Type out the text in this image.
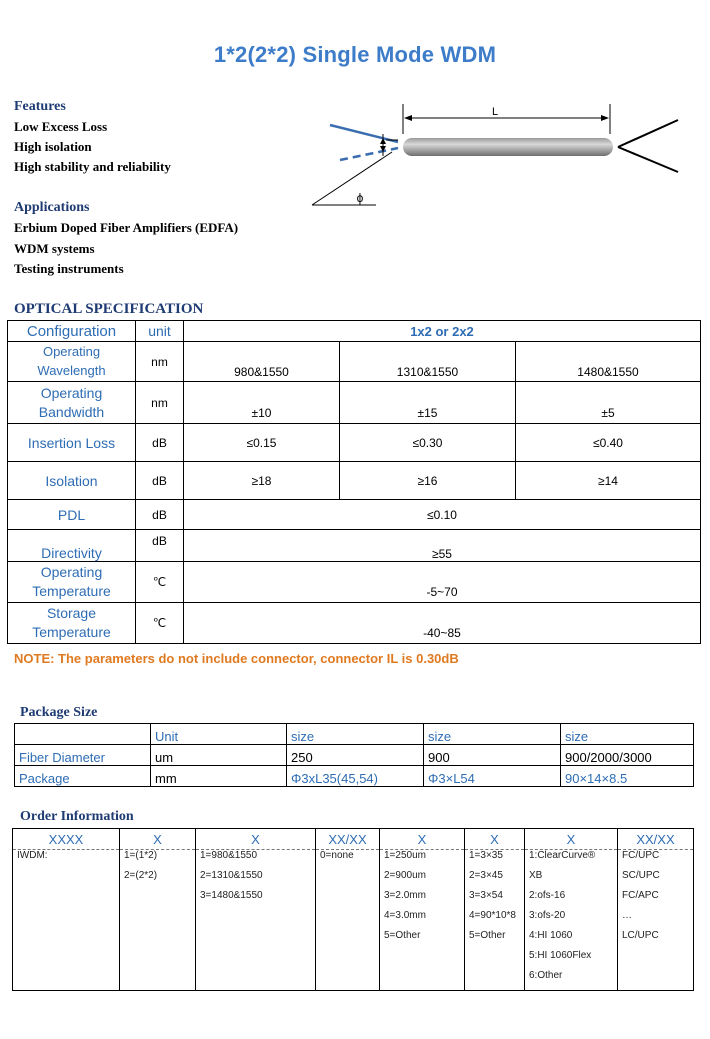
1*2(2*2) Single Mode WDM
Features
Low Excess Loss
High isolation
High stability and reliability
Applications
Erbium Doped Fiber Amplifiers (EDFA)
WDM systems
Testing instruments
L
ϕ
OPTICAL SPECIFICATION
Configuration	unit	1x2 or 2x2		
Operating
Wavelength	nm	980&1550	1310&1550	1480&1550
Operating
Bandwidth	nm	±10	±15	±5
Insertion Loss	dB	≤0.15	≤0.30	≤0.40
Isolation	dB	≥18	≥16	≥14
PDL	dB	≤0.10		
Directivity	dB	≥55		
Operating
Temperature	℃	-5~70		
Storage
Temperature	℃	-40~85		
NOTE: The parameters do not include connector, connector IL is 0.30dB
Package Size
	Unit	size	size	size
Fiber Diameter	um	250	900	900/2000/3000
Package	mm	Φ3xL35(45,54)	Φ3×L54	90×14×8.5
Order Information
XXXX	X	X	XX/XX	X	X	X	XX/XX
IWDM:	1=(1*2)	1=980&1550	0=none	1=250um	1=3×35	1:ClearCurve®	FC/UPC
	2=(2*2)	2=1310&1550		2=900um	2=3×45	XB	SC/UPC
		3=1480&1550		3=2.0mm	3=3×54	2:ofs-16	FC/APC
				4=3.0mm	4=90*10*8	3:ofs-20	…
				5=Other	5=Other	4:HI 1060	LC/UPC
						5:HI 1060Flex	
						6:Other	
